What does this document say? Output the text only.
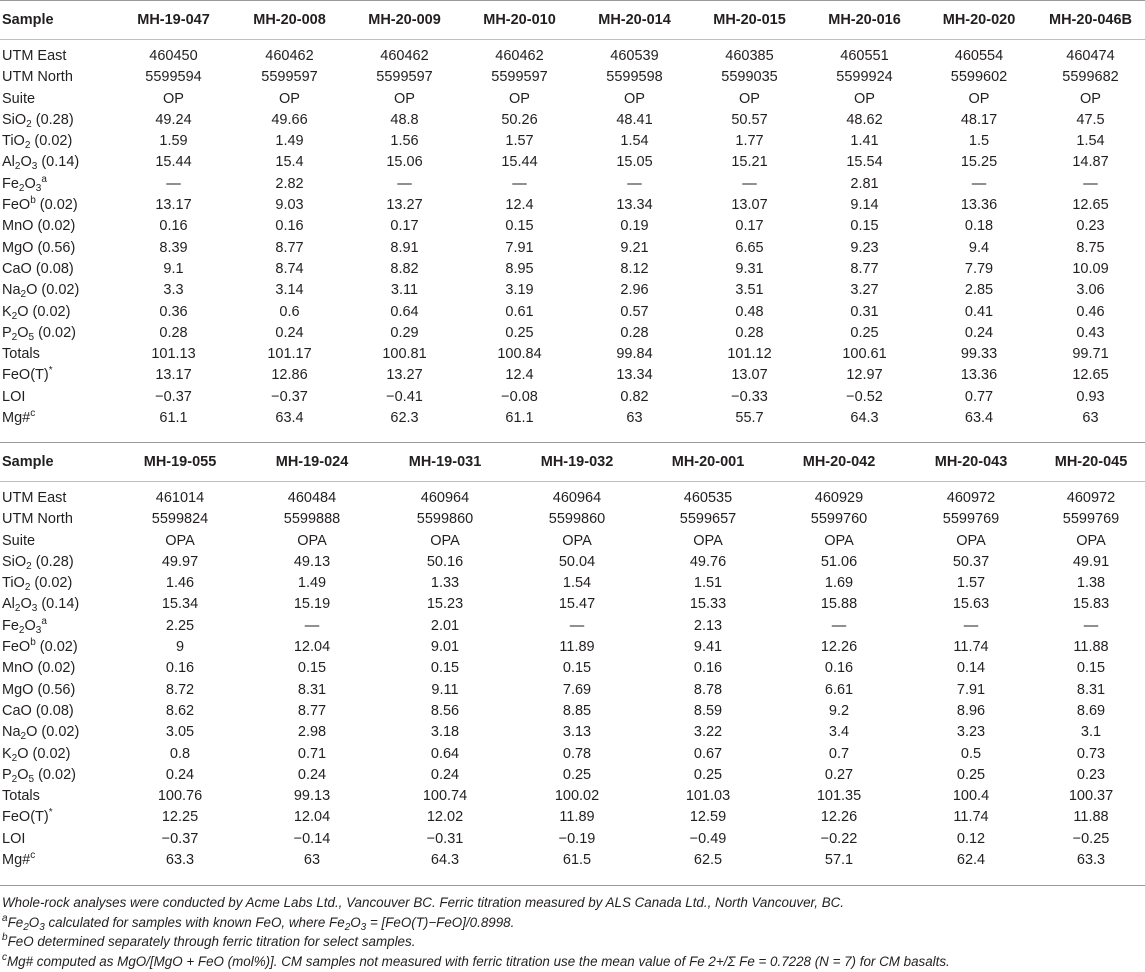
Sample	MH-19-047	MH-20-008	MH-20-009	MH-20-010	MH-20-014	MH-20-015	MH-20-016	MH-20-020	MH-20-046B

UTM East	460450	460462	460462	460462	460539	460385	460551	460554	460474
UTM North	5599594	5599597	5599597	5599597	5599598	5599035	5599924	5599602	5599682
Suite	OP	OP	OP	OP	OP	OP	OP	OP	OP
SiO$_2$ (0.28)	49.24	49.66	48.8	50.26	48.41	50.57	48.62	48.17	47.5
TiO$_2$ (0.02)	1.59	1.49	1.56	1.57	1.54	1.77	1.41	1.5	1.54
$Al_2O_3$ (0.14)	15.44	15.4	15.06	15.44	15.05	15.21	15.54	15.25	14.87
$Fe_2O_3^a$	—	2.82	—	—	—	—	2.81	—	—
FeO$^b$ (0.02)	13.17	9.03	13.27	12.4	13.34	13.07	9.14	13.36	12.65
MnO (0.02)	0.16	0.16	0.17	0.15	0.19	0.17	0.15	0.18	0.23
MgO (0.56)	8.39	8.77	8.91	7.91	9.21	6.65	9.23	9.4	8.75
CaO (0.08)	9.1	8.74	8.82	8.95	8.12	9.31	8.77	7.79	10.09
$Na_2O$ (0.02)	3.3	3.14	3.11	3.19	2.96	3.51	3.27	2.85	3.06
$K_2O$ (0.02)	0.36	0.6	0.64	0.61	0.57	0.48	0.31	0.41	0.46
$P_2O_5$ (0.02)	0.28	0.24	0.29	0.25	0.28	0.28	0.25	0.24	0.43
Totals	101.13	101.17	100.81	100.84	99.84	101.12	100.61	99.33	99.71
FeO(T)*	13.17	12.86	13.27	12.4	13.34	13.07	12.97	13.36	12.65
LOI	−0.37	−0.37	−0.41	−0.08	0.82	−0.33	−0.52	0.77	0.93
Mg#$^c$	61.1	63.4	62.3	61.1	63	55.7	64.3	63.4	63
Sample	MH-19-055	MH-19-024	MH-19-031	MH-19-032	MH-20-001	MH-20-042	MH-20-043	MH-20-045

UTM East	461014	460484	460964	460964	460535	460929	460972	460972
UTM North	5599824	5599888	5599860	5599860	5599657	5599760	5599769	5599769
Suite	OPA	OPA	OPA	OPA	OPA	OPA	OPA	OPA
SiO$_2$ (0.28)	49.97	49.13	50.16	50.04	49.76	51.06	50.37	49.91
TiO$_2$ (0.02)	1.46	1.49	1.33	1.54	1.51	1.69	1.57	1.38
$Al_2O_3$ (0.14)	15.34	15.19	15.23	15.47	15.33	15.88	15.63	15.83
$Fe_2O_3^a$	2.25	—	2.01	—	2.13	—	—	—
FeO$^b$ (0.02)	9	12.04	9.01	11.89	9.41	12.26	11.74	11.88
MnO (0.02)	0.16	0.15	0.15	0.15	0.16	0.16	0.14	0.15
MgO (0.56)	8.72	8.31	9.11	7.69	8.78	6.61	7.91	8.31
CaO (0.08)	8.62	8.77	8.56	8.85	8.59	9.2	8.96	8.69
$Na_2O$ (0.02)	3.05	2.98	3.18	3.13	3.22	3.4	3.23	3.1
$K_2O$ (0.02)	0.8	0.71	0.64	0.78	0.67	0.7	0.5	0.73
$P_2O_5$ (0.02)	0.24	0.24	0.24	0.25	0.25	0.27	0.25	0.23
Totals	100.76	99.13	100.74	100.02	101.03	101.35	100.4	100.37
FeO(T)*	12.25	12.04	12.02	11.89	12.59	12.26	11.74	11.88
LOI	−0.37	−0.14	−0.31	−0.19	−0.49	−0.22	0.12	−0.25
Mg#$^c$	63.3	63	64.3	61.5	62.5	57.1	62.4	63.3
Whole-rock analyses were conducted by Acme Labs Ltd., Vancouver BC. Ferric titration measured by ALS Canada Ltd., North Vancouver, BC.
$^aFe_2O_3$ calculated for samples with known FeO, where $Fe_2O_3 = [FeO(T)-FeO]/0.8998$.
$^b$FeO determined separately through ferric titration for select samples.
$^c$Mg# computed as MgO/[MgO + FeO (mol%)]. CM samples not measured with ferric titration use the mean value of Fe 2+/Σ Fe = 0.7228 (N = 7) for CM basalts.
